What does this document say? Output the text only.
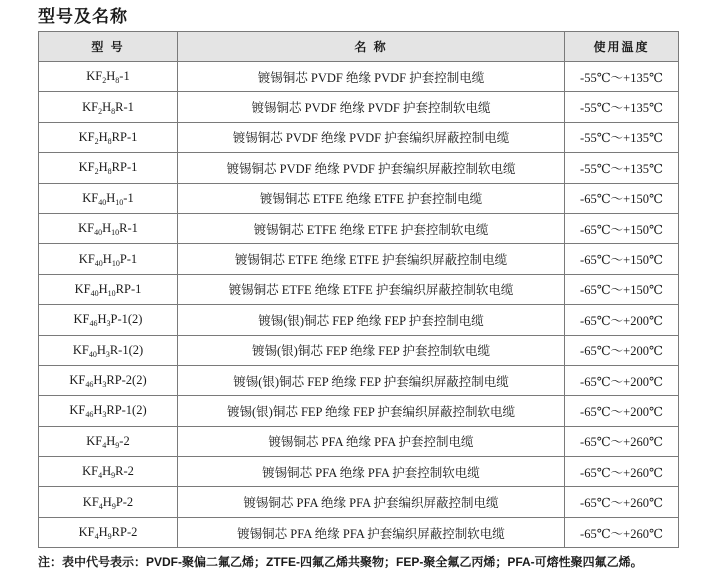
型号及名称
型 号	名 称	使用温度
$KF_2H_8-1$	镀锡铜芯 PVDF 绝缘 PVDF 护套控制电缆	-55℃～+135℃
$KF_2H_8R-1$	镀锡铜芯 PVDF 绝缘 PVDF 护套控制软电缆	-55℃～+135℃
$KF_2H_8RP-1$	镀锡铜芯 PVDF 绝缘 PVDF 护套编织屏蔽控制电缆	-55℃～+135℃
$KF_2H_8RP-1$	镀锡铜芯 PVDF 绝缘 PVDF 护套编织屏蔽控制软电缆	-55℃～+135℃
$KF_{40}H_{10}-1$	镀锡铜芯 ETFE 绝缘 ETFE 护套控制电缆	-65℃～+150℃
$KF_{40}H_{10}R-1$	镀锡铜芯 ETFE 绝缘 ETFE 护套控制软电缆	-65℃～+150℃
$KF_{40}H_{10}P-1$	镀锡铜芯 ETFE 绝缘 ETFE 护套编织屏蔽控制电缆	-65℃～+150℃
$KF_{40}H_{10}RP-1$	镀锡铜芯 ETFE 绝缘 ETFE 护套编织屏蔽控制软电缆	-65℃～+150℃
$KF_{46}H_3P-1(2)$	镀锡(银)铜芯 FEP 绝缘 FEP 护套控制电缆	-65℃～+200℃
$KF_{40}H_3R-1(2)$	镀锡(银)铜芯 FEP 绝缘 FEP 护套控制软电缆	-65℃～+200℃
$KF_{46}H_3RP-2(2)$	镀锡(银)铜芯 FEP 绝缘 FEP 护套编织屏蔽控制电缆	-65℃～+200℃
$KF_{46}H_3RP-1(2)$	镀锡(银)铜芯 FEP 绝缘 FEP 护套编织屏蔽控制软电缆	-65℃～+200℃
$KF_4H_9-2$	镀锡铜芯 PFA 绝缘 PFA 护套控制电缆	-65℃～+260℃
$KF_4H_9R-2$	镀锡铜芯 PFA 绝缘 PFA 护套控制软电缆	-65℃～+260℃
$KF_4H_9P-2$	镀锡铜芯 PFA 绝缘 PFA 护套编织屏蔽控制电缆	-65℃～+260℃
$KF_4H_9RP-2$	镀锡铜芯 PFA 绝缘 PFA 护套编织屏蔽控制软电缆	-65℃～+260℃
注：表中代号表示：PVDF-聚偏二氟乙烯；ZTFE-四氟乙烯共聚物；FEP-聚全氟乙丙烯；PFA-可熔性聚四氟乙烯。
